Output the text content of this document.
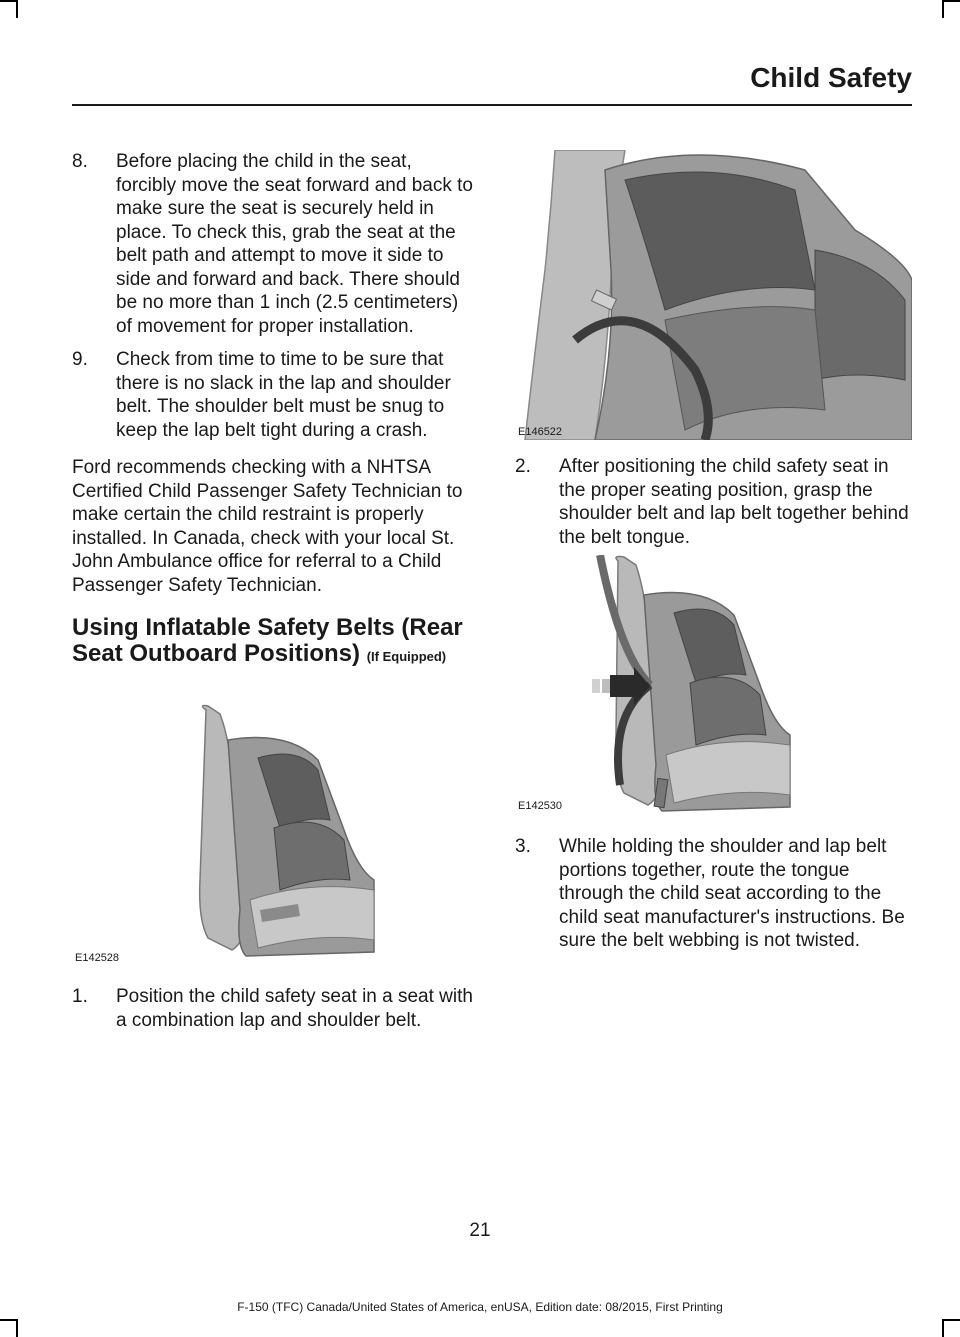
Child Safety
8. Before placing the child in the seat, forcibly move the seat forward and back to make sure the seat is securely held in place. To check this, grab the seat at the belt path and attempt to move it side to side and forward and back. There should be no more than 1 inch (2.5 centimeters) of movement for proper installation.
9. Check from time to time to be sure that there is no slack in the lap and shoulder belt. The shoulder belt must be snug to keep the lap belt tight during a crash.

Ford recommends checking with a NHTSA Certified Child Passenger Safety Technician to make certain the child restraint is properly installed. In Canada, check with your local St. John Ambulance office for referral to a Child Passenger Safety Technician.

Using Inflatable Safety Belts (Rear Seat Outboard Positions) (If Equipped)

E142528
1. Position the child safety seat in a seat with a combination lap and shoulder belt.
E146522
2. After positioning the child safety seat in the proper seating position, grasp the shoulder belt and lap belt together behind the belt tongue.
E142530
3. While holding the shoulder and lap belt portions together, route the tongue through the child seat according to the child seat manufacturer's instructions. Be sure the belt webbing is not twisted.
21
F-150 (TFC) Canada/United States of America, enUSA, Edition date: 08/2015, First Printing
